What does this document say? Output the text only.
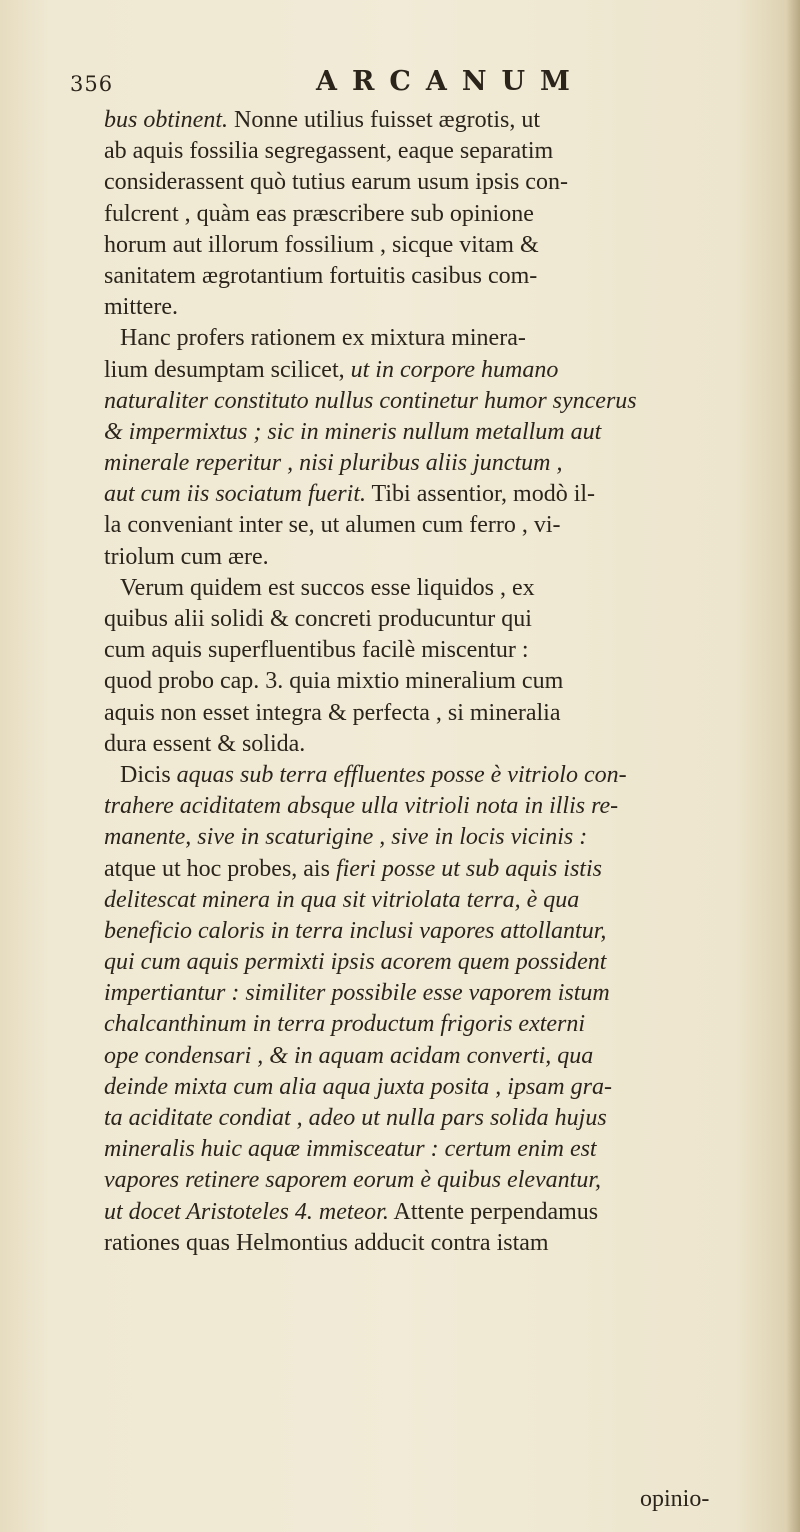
356	ARCANUM
bus obtinent. Nonne utilius fuisset ægrotis, ut
ab aquis fossilia segregassent, eaque separatim
considerassent quò tutius earum usum ipsis con-
fulcrent , quàm eas præscribere sub opinione
horum aut illorum fossilium , sicque vitam &
sanitatem ægrotantium fortuitis casibus com-
mittere.
Hanc profers rationem ex mixtura minera-
lium desumptam scilicet, ut in corpore humano
naturaliter constituto nullus continetur humor syncerus
& impermixtus ; sic in mineris nullum metallum aut
minerale reperitur , nisi pluribus aliis junctum ,
aut cum iis sociatum fuerit. Tibi assentior, modò il-
la conveniant inter se, ut alumen cum ferro , vi-
triolum cum ære.
Verum quidem est succos esse liquidos , ex
quibus alii solidi & concreti producuntur qui
cum aquis superfluentibus facilè miscentur :
quod probo cap. 3. quia mixtio mineralium cum
aquis non esset integra & perfecta , si mineralia
dura essent & solida.
Dicis aquas sub terra effluentes posse è vitriolo con-
trahere aciditatem absque ulla vitrioli nota in illis re-
manente, sive in scaturigine , sive in locis vicinis :
atque ut hoc probes, ais fieri posse ut sub aquis istis
delitescat minera in qua sit vitriolata terra, è qua
beneficio caloris in terra inclusi vapores attollantur,
qui cum aquis permixti ipsis acorem quem possident
impertiantur : similiter possibile esse vaporem istum
chalcanthinum in terra productum frigoris externi
ope condensari , & in aquam acidam converti, qua
deinde mixta cum alia aqua juxta posita , ipsam gra-
ta aciditate condiat , adeo ut nulla pars solida hujus
mineralis huic aquæ immisceatur : certum enim est
vapores retinere saporem eorum è quibus elevantur,
ut docet Aristoteles 4. meteor. Attente perpendamus
rationes quas Helmontius adducit contra istam
opinio-
